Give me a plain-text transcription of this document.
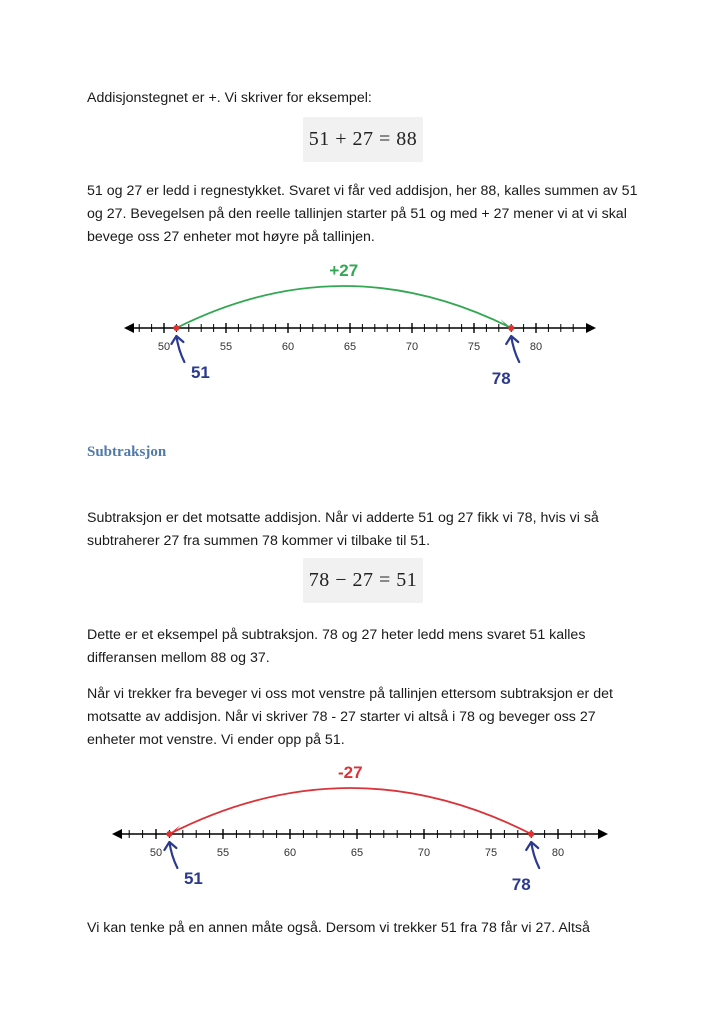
Addisjonstegnet er +. Vi skriver for eksempel:

51 + 27 = 88

51 og 27 er ledd i regnestykket. Svaret vi får ved addisjon, her 88, kalles summen av 51 og 27. Bevegelsen på den reelle tallinjen starter på 51 og med + 27 mener vi at vi skal bevege oss 27 enheter mot høyre på tallinjen.

50	55	60	65	70	75	80
+27
51	78
Subtraksjon

Subtraksjon er det motsatte addisjon. Når vi adderte 51 og 27 fikk vi 78, hvis vi så subtraherer 27 fra summen 78 kommer vi tilbake til 51.

78 − 27 = 51

Dette er et eksempel på subtraksjon. 78 og 27 heter ledd mens svaret 51 kalles differansen mellom 88 og 37.

Når vi trekker fra beveger vi oss mot venstre på tallinjen ettersom subtraksjon er det motsatte av addisjon. Når vi skriver 78 - 27 starter vi altså i 78 og beveger oss 27 enheter mot venstre. Vi ender opp på 51.

50	55	60	65	70	75	80
-27
78
51

Vi kan tenke på en annen måte også. Dersom vi trekker 51 fra 78 får vi 27. Altså
